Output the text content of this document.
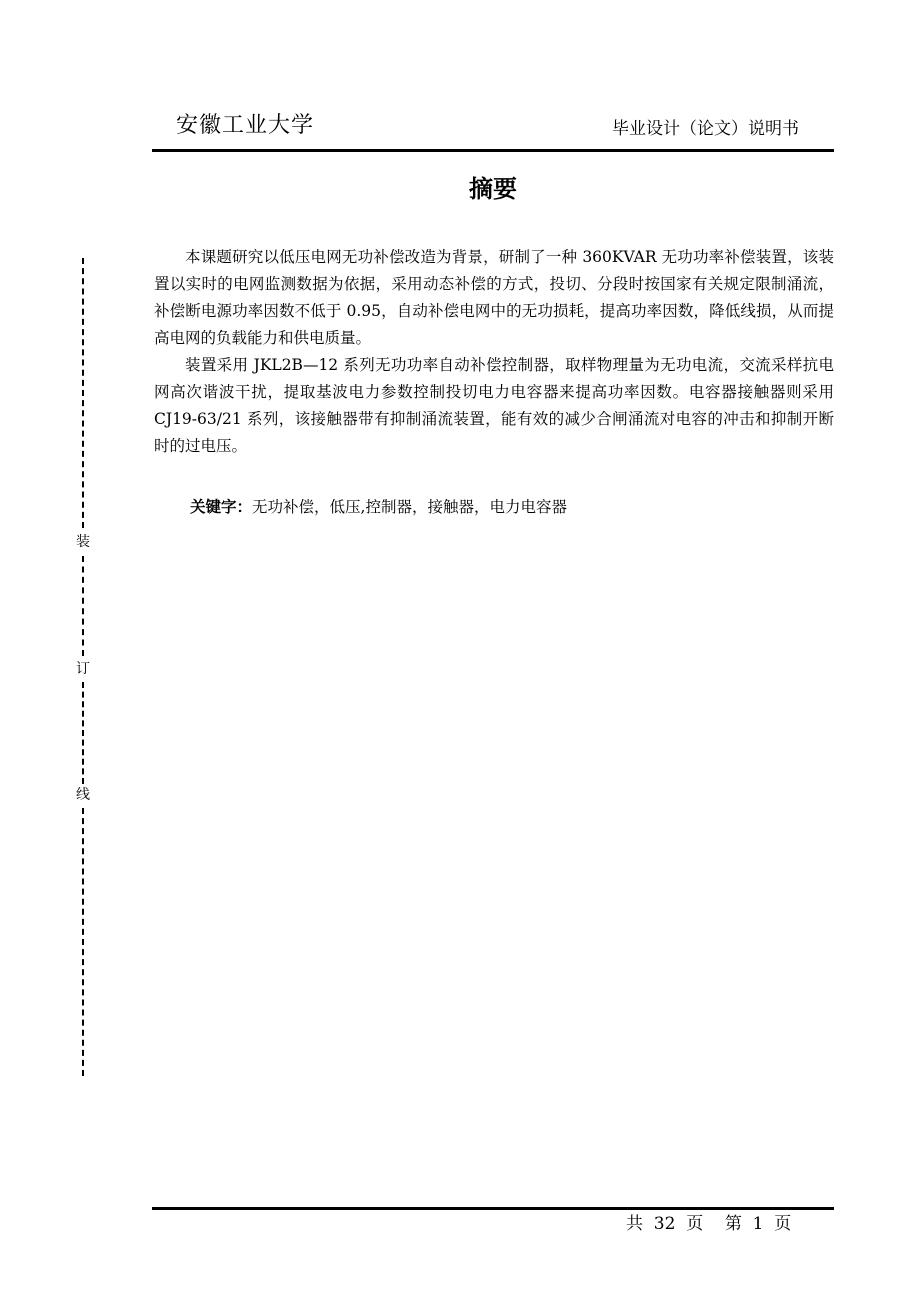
安徽工业大学	毕业设计（论文）说明书
摘要

本课题研究以低压电网无功补偿改造为背景，研制了一种 360KVAR 无功功率补偿装置，该装置以实时的电网监测数据为依据，采用动态补偿的方式，投切、分段时按国家有关规定限制涌流，补偿断电源功率因数不低于 0.95，自动补偿电网中的无功损耗，提高功率因数，降低线损，从而提高电网的负载能力和供电质量。

装置采用 JKL2B—12 系列无功功率自动补偿控制器，取样物理量为无功电流，交流采样抗电网高次谐波干扰，提取基波电力参数控制投切电力电容器来提高功率因数。电容器接触器则采用 CJ19-63/21 系列，该接触器带有抑制涌流装置，能有效的减少合闸涌流对电容的冲击和抑制开断时的过电压。

关键字：无功补偿，低压,控制器，接触器，电力电容器
装
订
线
共  32  页    第  1  页
